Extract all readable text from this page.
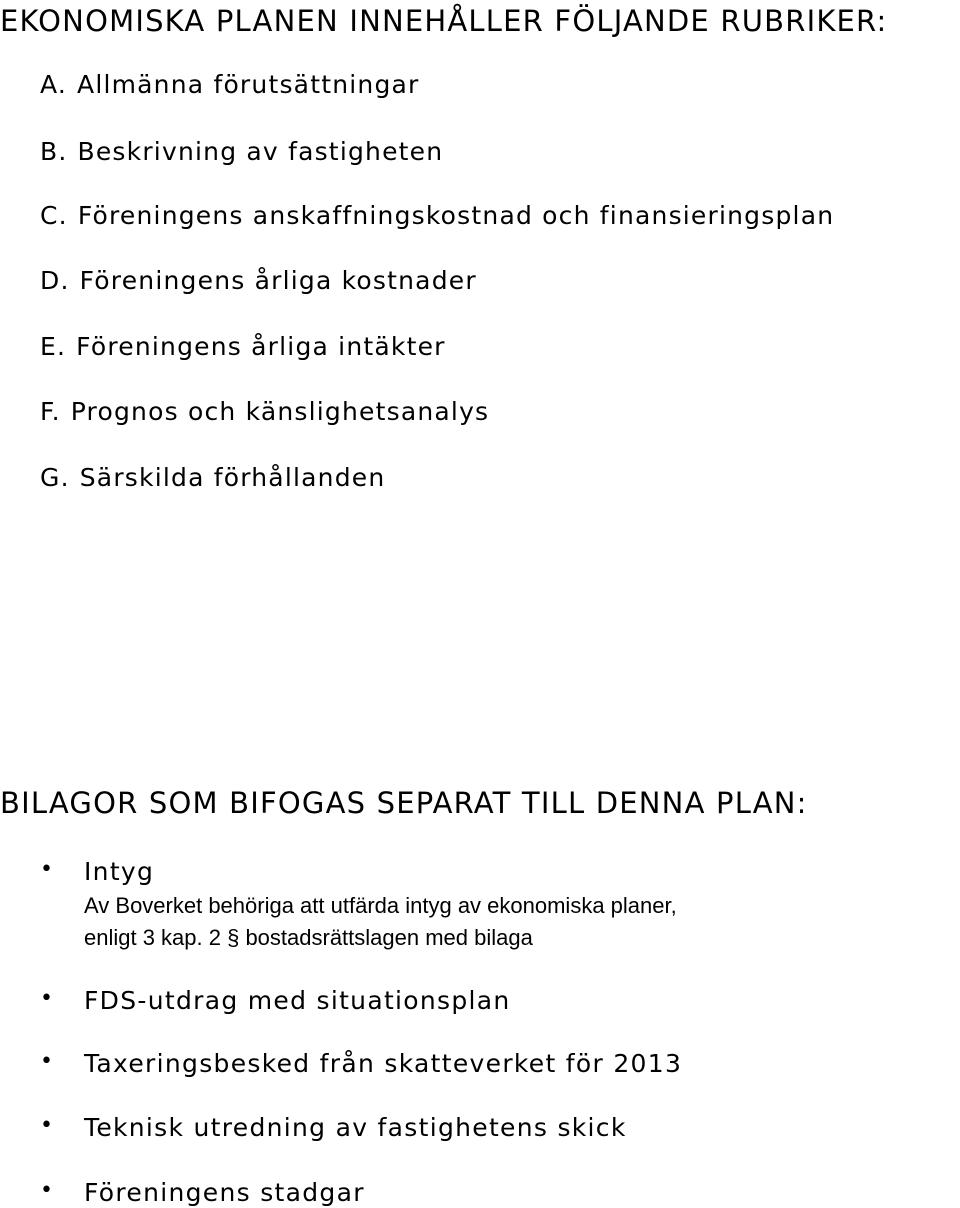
EKONOMISKA PLANEN INNEHÅLLER FÖLJANDE RUBRIKER:
A. Allmänna förutsättningar
B. Beskrivning av fastigheten
C. Föreningens anskaffningskostnad och finansieringsplan
D. Föreningens årliga kostnader
E. Föreningens årliga intäkter
F. Prognos och känslighetsanalys
G. Särskilda förhållanden
BILAGOR SOM BIFOGAS SEPARAT TILL DENNA PLAN:
• Intyg
Av Boverket behöriga att utfärda intyg av ekonomiska planer,
enligt 3 kap. 2 § bostadsrättslagen med bilaga
• FDS-utdrag med situationsplan
• Taxeringsbesked från skatteverket för 2013
• Teknisk utredning av fastighetens skick
• Föreningens stadgar
